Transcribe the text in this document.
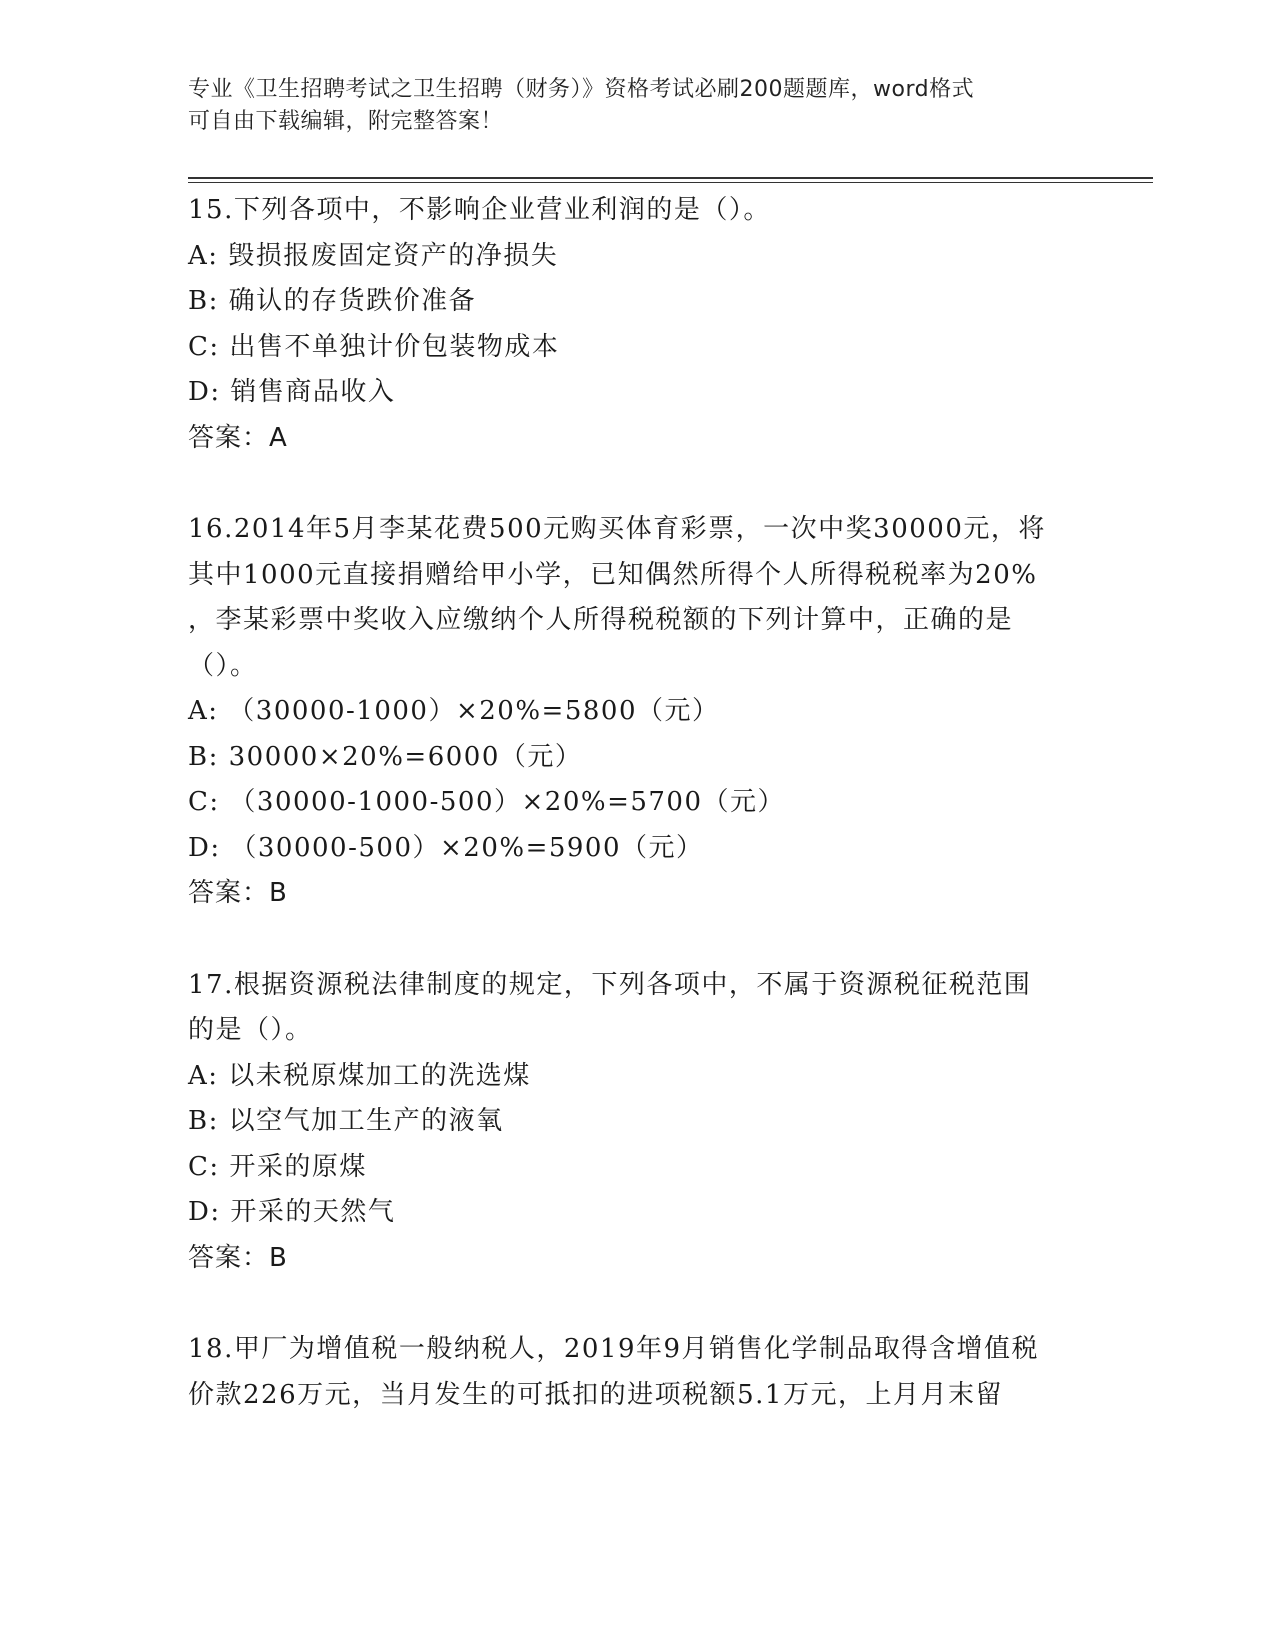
专业《卫生招聘考试之卫生招聘（财务）》资格考试必刷200题题库，word格式
可自由下载编辑，附完整答案！
15.下列各项中，不影响企业营业利润的是（）。
A: 毁损报废固定资产的净损失
B: 确认的存货跌价准备
C: 出售不单独计价包装物成本
D: 销售商品收入
答案：A
16.2014年5月李某花费500元购买体育彩票，一次中奖30000元，将
其中1000元直接捐赠给甲小学，已知偶然所得个人所得税税率为20%
，李某彩票中奖收入应缴纳个人所得税税额的下列计算中，正确的是
（）。
A: （30000-1000）×20%=5800（元）
B: 30000×20%=6000（元）
C: （30000-1000-500）×20%=5700（元）
D: （30000-500）×20%=5900（元）
答案：B
17.根据资源税法律制度的规定，下列各项中，不属于资源税征税范围
的是（）。
A: 以未税原煤加工的洗选煤
B: 以空气加工生产的液氧
C: 开采的原煤
D: 开采的天然气
答案：B
18.甲厂为增值税一般纳税人，2019年9月销售化学制品取得含增值税
价款226万元，当月发生的可抵扣的进项税额5.1万元，上月月末留
